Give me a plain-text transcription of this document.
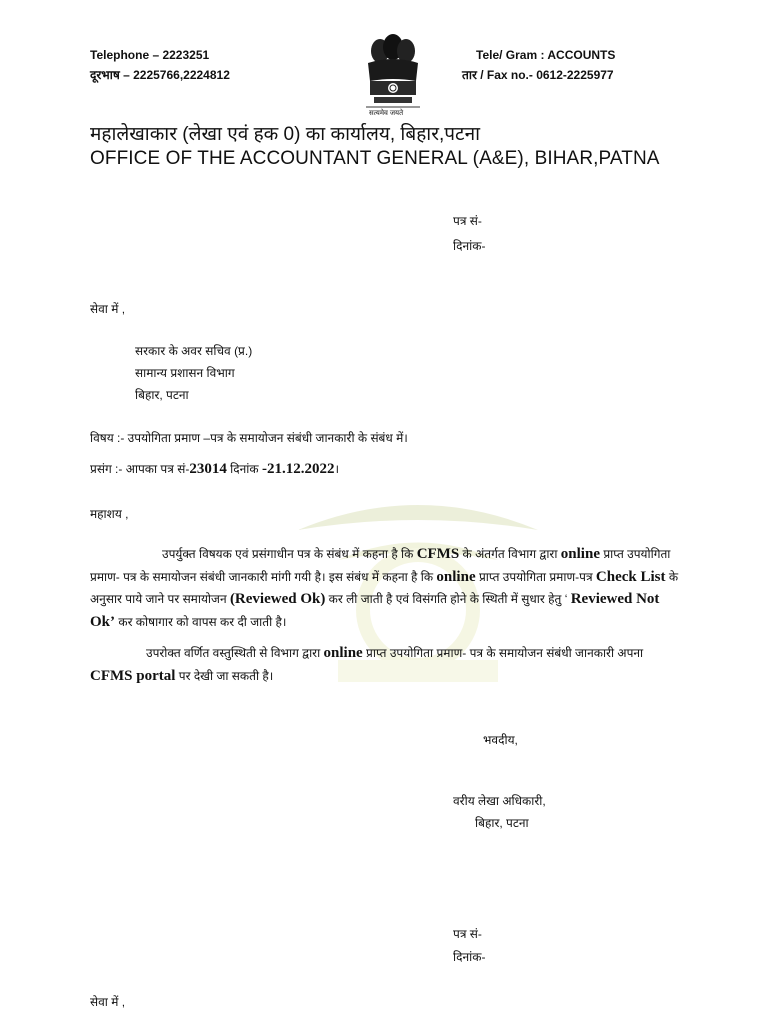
Telephone – 2223251
दूरभाष – 2225766,2224812
Tele/ Gram : ACCOUNTS
तार / Fax no.- 0612-2225977
सत्यमेव जयते
महालेखाकार (लेखा एवं हक 0) का कार्यालय, बिहार,पटना
OFFICE OF THE ACCOUNTANT GENERAL (A&E), BIHAR,PATNA
पत्र सं-
दिनांक-
सेवा में ,
सरकार के अवर सचिव (प्र.)
सामान्य प्रशासन विभाग
बिहार, पटना
विषय :- उपयोगिता प्रमाण –पत्र के समायोजन संबंधी जानकारी के संबंध में।
प्रसंग :- आपका पत्र सं-23014 दिनांक -21.12.2022।
महाशय ,

उपर्युक्त विषयक एवं प्रसंगाधीन पत्र के संबंध में कहना है कि CFMS के अंतर्गत विभाग द्वारा online प्राप्त उपयोगिता प्रमाण- पत्र के समायोजन संबंधी जानकारी मांगी गयी है। इस संबंध में कहना है कि online प्राप्त उपयोगिता प्रमाण-पत्र Check List के अनुसार पाये जाने पर समायोजन (Reviewed Ok) कर ली जाती है एवं विसंगति होने के स्थिती में सुधार हेतु ‘ Reviewed Not Ok’ कर कोषागार को वापस कर दी जाती है।

उपरोक्त वर्णित वस्तुस्थिती से विभाग द्वारा online प्राप्त उपयोगिता प्रमाण- पत्र के समायोजन संबंधी जानकारी अपना CFMS portal पर देखी जा सकती है।

भवदीय,
वरीय लेखा अधिकारी,
बिहार, पटना
पत्र सं-
दिनांक-
सेवा में ,
